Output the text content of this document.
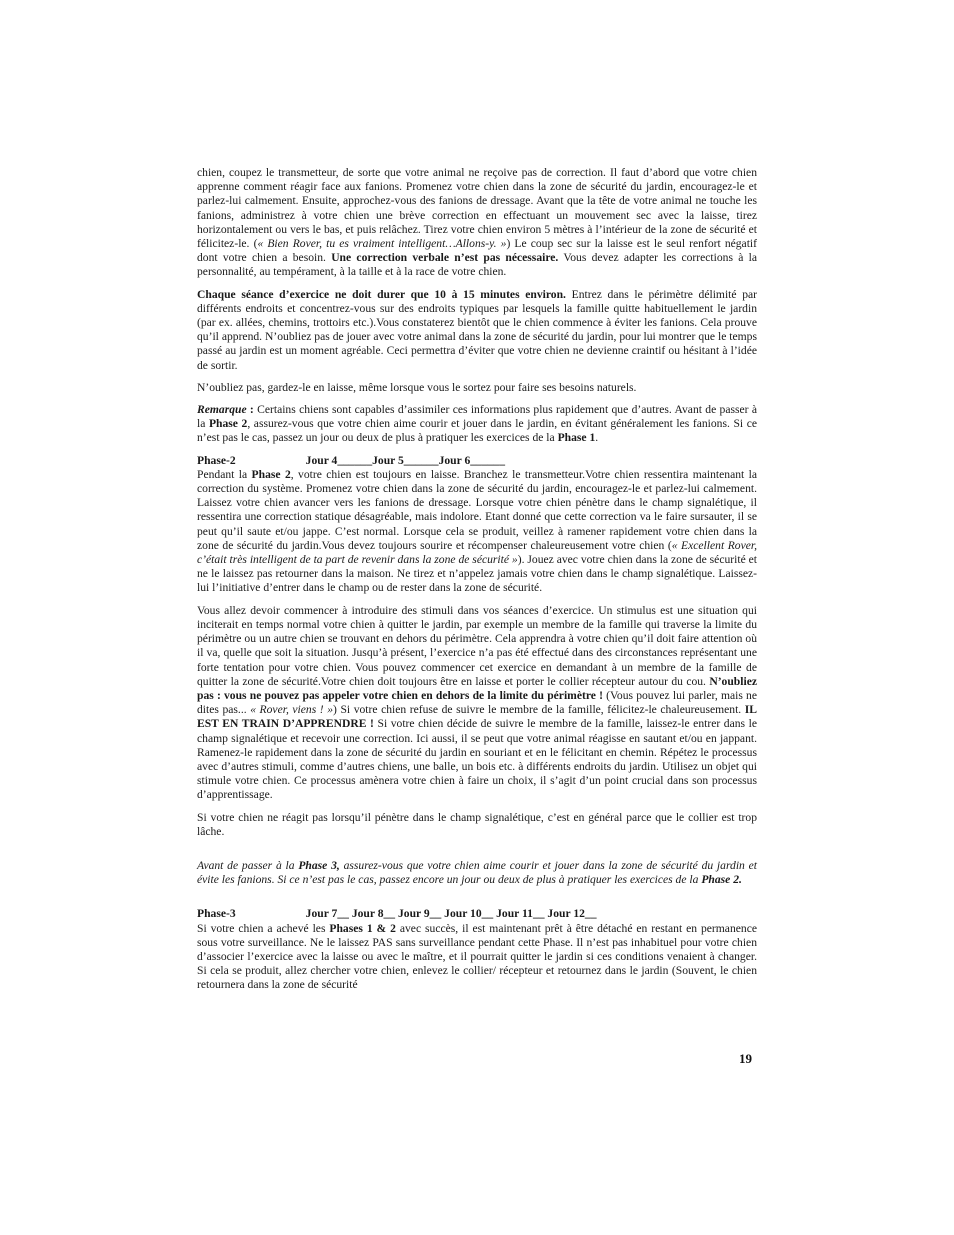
chien, coupez le transmetteur, de sorte que votre animal ne reçoive pas de correction. Il faut d’abord que votre chien apprenne comment réagir face aux fanions. Promenez votre chien dans la zone de sécurité du jardin, encouragez-le et parlez-lui calmement. Ensuite, approchez-vous des fanions de dressage. Avant que la tête de votre animal ne touche les fanions, administrez à votre chien une brève correction en effectuant un mouvement sec avec la laisse, tirez horizontalement ou vers le bas, et puis relâchez. Tirez votre chien environ 5 mètres à l’intérieur de la zone de sécurité et félicitez-le. (« Bien Rover, tu es vraiment intelligent…Allons-y. ») Le coup sec sur la laisse est le seul renfort négatif dont votre chien a besoin. Une correction verbale n’est pas nécessaire. Vous devez adapter les corrections à la personnalité, au tempérament, à la taille et à la race de votre chien.

Chaque séance d’exercice ne doit durer que 10 à 15 minutes environ. Entrez dans le périmètre délimité par différents endroits et concentrez-vous sur des endroits typiques par lesquels la famille quitte habituellement le jardin (par ex. allées, chemins, trottoirs etc.).Vous constaterez bientôt que le chien commence à éviter les fanions. Cela prouve qu’il apprend. N’oubliez pas de jouer avec votre animal dans la zone de sécurité du jardin, pour lui montrer que le temps passé au jardin est un moment agréable. Ceci permettra d’éviter que votre chien ne devienne craintif ou hésitant à l’idée de sortir.

N’oubliez pas, gardez-le en laisse, même lorsque vous le sortez pour faire ses besoins naturels.

Remarque : Certains chiens sont capables d’assimiler ces informations plus rapidement que d’autres. Avant de passer à la Phase 2, assurez-vous que votre chien aime courir et jouer dans le jardin, en évitant généralement les fanions. Si ce n’est pas le cas, passez un jour ou deux de plus à pratiquer les exercices de la Phase 1.

Phase-2	Jour 4______Jour 5______Jour 6______

Pendant la Phase 2, votre chien est toujours en laisse. Branchez le transmetteur.Votre chien ressentira maintenant la correction du système. Promenez votre chien dans la zone de sécurité du jardin, encouragez-le et parlez-lui calmement. Laissez votre chien avancer vers les fanions de dressage. Lorsque votre chien pénètre dans le champ signalétique, il ressentira une correction statique désagréable, mais indolore. Etant donné que cette correction va le faire sursauter, il se peut qu’il saute et/ou jappe. C’est normal. Lorsque cela se produit, veillez à ramener rapidement votre chien dans la zone de sécurité du jardin.Vous devez toujours sourire et récompenser chaleureusement votre chien (« Excellent Rover, c’était très intelligent de ta part de revenir dans la zone de sécurité »). Jouez avec votre chien dans la zone de sécurité et ne le laissez pas retourner dans la maison. Ne tirez et n’appelez jamais votre chien dans le champ signalétique. Laissez-lui l’initiative d’entrer dans le champ ou de rester dans la zone de sécurité.

Vous allez devoir commencer à introduire des stimuli dans vos séances d’exercice. Un stimulus est une situation qui inciterait en temps normal votre chien à quitter le jardin, par exemple un membre de la famille qui traverse la limite du périmètre ou un autre chien se trouvant en dehors du périmètre. Cela apprendra à votre chien qu’il doit faire attention où il va, quelle que soit la situation. Jusqu’à présent, l’exercice n’a pas été effectué dans des circonstances représentant une forte tentation pour votre chien. Vous pouvez commencer cet exercice en demandant à un membre de la famille de quitter la zone de sécurité.Votre chien doit toujours être en laisse et porter le collier récepteur autour du cou. N’oubliez pas : vous ne pouvez pas appeler votre chien en dehors de la limite du périmètre ! (Vous pouvez lui parler, mais ne dites pas... « Rover, viens ! ») Si votre chien refuse de suivre le membre de la famille, félicitez-le chaleureusement. IL EST EN TRAIN D’APPRENDRE ! Si votre chien décide de suivre le membre de la famille, laissez-le entrer dans le champ signalétique et recevoir une correction. Ici aussi, il se peut que votre animal réagisse en sautant et/ou en jappant. Ramenez-le rapidement dans la zone de sécurité du jardin en souriant et en le félicitant en chemin. Répétez le processus avec d’autres stimuli, comme d’autres chiens, une balle, un bois etc. à différents endroits du jardin. Utilisez un objet qui stimule votre chien. Ce processus amènera votre chien à faire un choix, il s’agit d’un point crucial dans son processus d’apprentissage.

Si votre chien ne réagit pas lorsqu’il pénètre dans le champ signalétique, c’est en général parce que le collier est trop lâche.

Avant de passer à la Phase 3, assurez-vous que votre chien aime courir et jouer dans la zone de sécurité du jardin et évite les fanions. Si ce n’est pas le cas, passez encore un jour ou deux de plus à pratiquer les exercices de la Phase 2.

Phase-3	Jour 7__ Jour 8__ Jour 9__ Jour 10__ Jour 11__ Jour 12__

Si votre chien a achevé les Phases 1 & 2 avec succès, il est maintenant prêt à être détaché en restant en permanence sous votre surveillance. Ne le laissez PAS sans surveillance pendant cette Phase. Il n’est pas inhabituel pour votre chien d’associer l’exercice avec la laisse ou avec le maître, et il pourrait quitter le jardin si ces conditions venaient à changer. Si cela se produit, allez chercher votre chien, enlevez le collier/ récepteur et retournez dans le jardin (Souvent, le chien retournera dans la zone de sécurité

19
